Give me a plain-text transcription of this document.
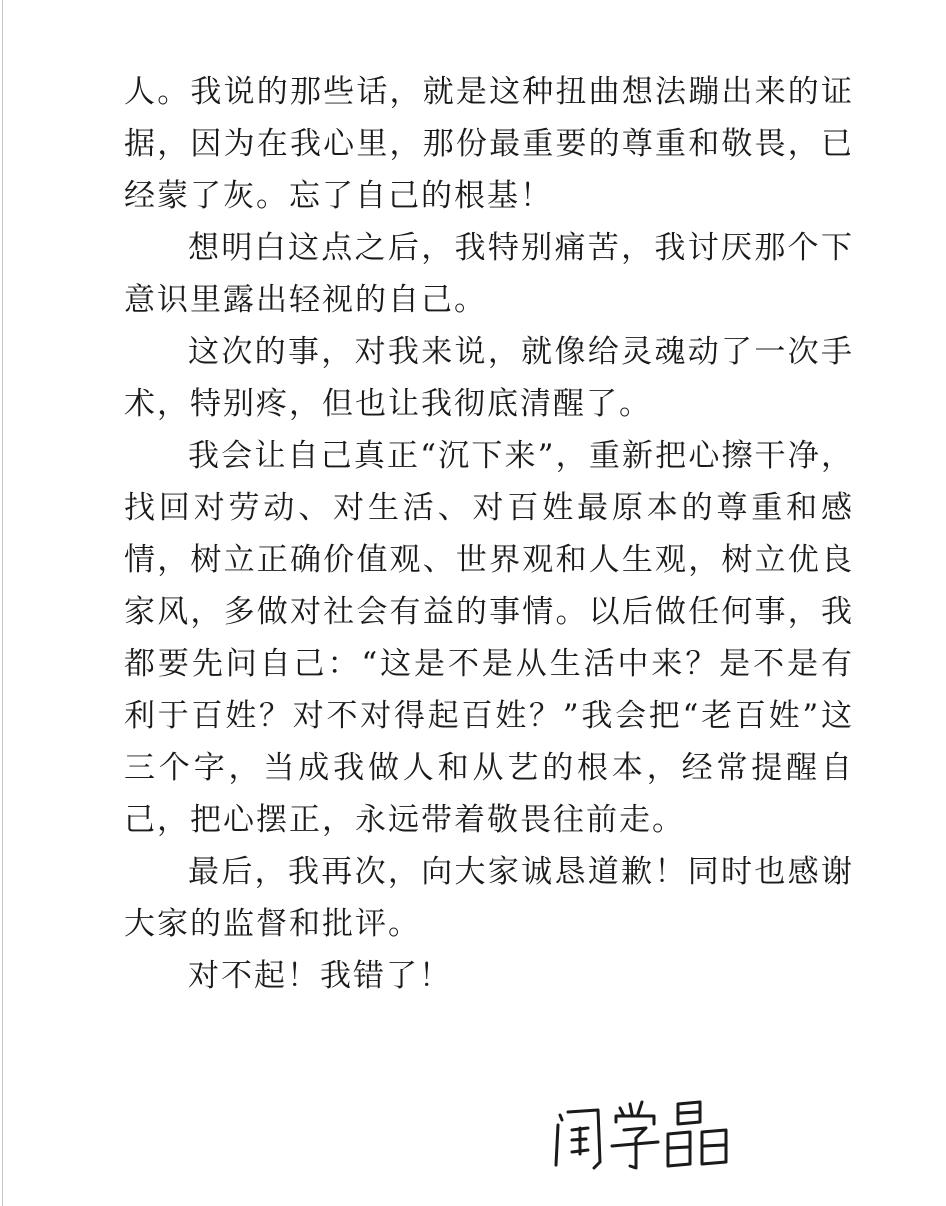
人。我说的那些话，就是这种扭曲想法蹦出来的证据，因为在我心里，那份最重要的尊重和敬畏，已经蒙了灰。忘了自己的根基！

想明白这点之后，我特别痛苦，我讨厌那个下意识里露出轻视的自己。

这次的事，对我来说，就像给灵魂动了一次手术，特别疼，但也让我彻底清醒了。

我会让自己真正“沉下来”，重新把心擦干净，找回对劳动、对生活、对百姓最原本的尊重和感情，树立正确价值观、世界观和人生观，树立优良家风，多做对社会有益的事情。以后做任何事，我都要先问自己：“这是不是从生活中来？是不是有利于百姓？对不对得起百姓？”我会把“老百姓”这三个字，当成我做人和从艺的根本，经常提醒自己，把心摆正，永远带着敬畏往前走。

最后，我再次，向大家诚恳道歉！同时也感谢大家的监督和批评。

对不起！我错了！
